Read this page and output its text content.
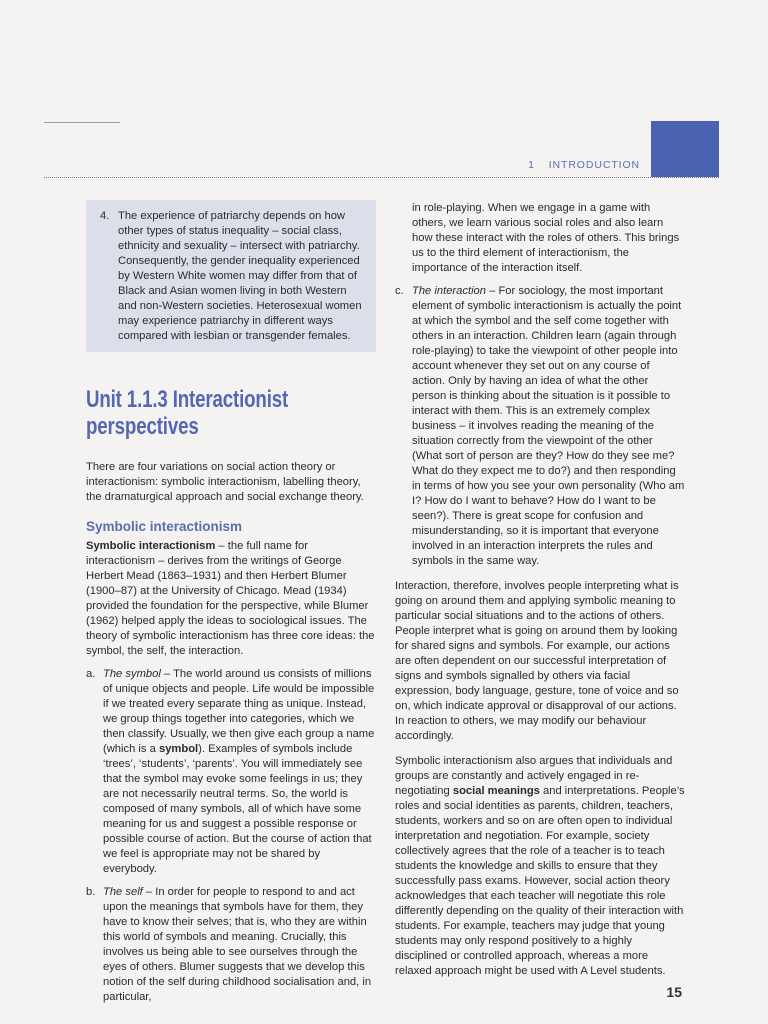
1 INTRODUCTION
4. The experience of patriarchy depends on how other types of status inequality – social class, ethnicity and sexuality – intersect with patriarchy. Consequently, the gender inequality experienced by Western White women may differ from that of Black and Asian women living in both Western and non-Western societies. Heterosexual women may experience patriarchy in different ways compared with lesbian or transgender females.
Unit 1.1.3 Interactionist
perspectives

There are four variations on social action theory or interactionism: symbolic interactionism, labelling theory, the dramaturgical approach and social exchange theory.

Symbolic interactionism

Symbolic interactionism – the full name for interactionism – derives from the writings of George Herbert Mead (1863–1931) and then Herbert Blumer (1900–87) at the University of Chicago. Mead (1934) provided the foundation for the perspective, while Blumer (1962) helped apply the ideas to sociological issues. The theory of symbolic interactionism has three core ideas: the symbol, the self, the interaction.

a. The symbol – The world around us consists of millions of unique objects and people. Life would be impossible if we treated every separate thing as unique. Instead, we group things together into categories, which we then classify. Usually, we then give each group a name (which is a symbol). Examples of symbols include ‘trees’, ‘students’, ‘parents’. You will immediately see that the symbol may evoke some feelings in us; they are not necessarily neutral terms. So, the world is composed of many symbols, all of which have some meaning for us and suggest a possible response or possible course of action. But the course of action that we feel is appropriate may not be shared by everybody.

b. The self – In order for people to respond to and act upon the meanings that symbols have for them, they have to know their selves; that is, who they are within this world of symbols and meaning. Crucially, this involves us being able to see ourselves through the eyes of others. Blumer suggests that we develop this notion of the self during childhood socialisation and, in particular,

in role-playing. When we engage in a game with others, we learn various social roles and also learn how these interact with the roles of others. This brings us to the third element of interactionism, the importance of the interaction itself.

c. The interaction – For sociology, the most important element of symbolic interactionism is actually the point at which the symbol and the self come together with others in an interaction. Children learn (again through role-playing) to take the viewpoint of other people into account whenever they set out on any course of action. Only by having an idea of what the other person is thinking about the situation is it possible to interact with them. This is an extremely complex business – it involves reading the meaning of the situation correctly from the viewpoint of the other (What sort of person are they? How do they see me? What do they expect me to do?) and then responding in terms of how you see your own personality (Who am I? How do I want to behave? How do I want to be seen?). There is great scope for confusion and misunderstanding, so it is important that everyone involved in an interaction interprets the rules and symbols in the same way.

Interaction, therefore, involves people interpreting what is going on around them and applying symbolic meaning to particular social situations and to the actions of others. People interpret what is going on around them by looking for shared signs and symbols. For example, our actions are often dependent on our successful interpretation of signs and symbols signalled by others via facial expression, body language, gesture, tone of voice and so on, which indicate approval or disapproval of our actions. In reaction to others, we may modify our behaviour accordingly.

Symbolic interactionism also argues that individuals and groups are constantly and actively engaged in re-negotiating social meanings and interpretations. People’s roles and social identities as parents, children, teachers, students, workers and so on are often open to individual interpretation and negotiation. For example, society collectively agrees that the role of a teacher is to teach students the knowledge and skills to ensure that they successfully pass exams. However, social action theory acknowledges that each teacher will negotiate this role differently depending on the quality of their interaction with students. For example, teachers may judge that young students may only respond positively to a highly disciplined or controlled approach, whereas a more relaxed approach might be used with A Level students.

15
